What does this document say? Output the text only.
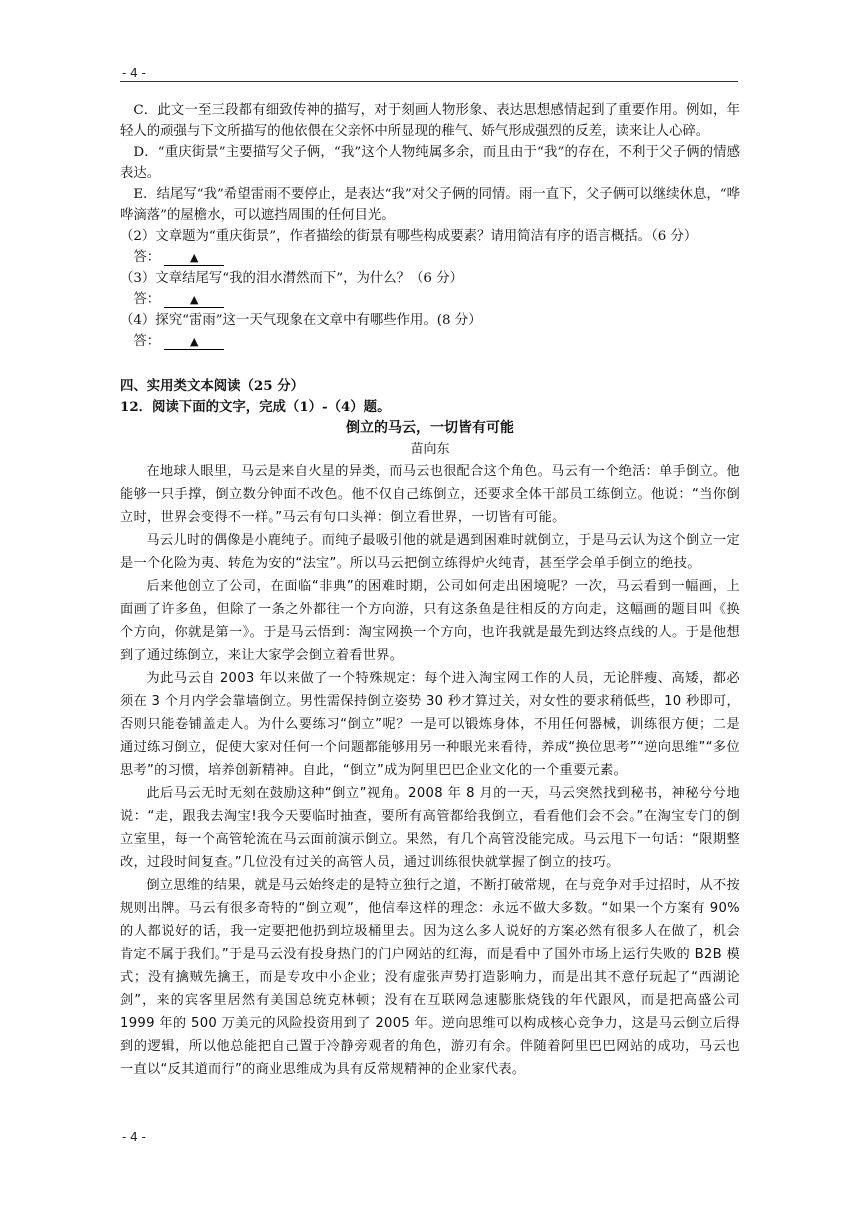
- 4 -

C．此文一至三段都有细致传神的描写，对于刻画人物形象、表达思想感情起到了重要作用。例如，年轻人的顽强与下文所描写的他依偎在父亲怀中所显现的稚气、娇气形成强烈的反差，读来让人心碎。

D．“重庆街景”主要描写父子俩，“我”这个人物纯属多余，而且由于“我”的存在，不利于父子俩的情感表达。

E．结尾写“我”希望雷雨不要停止，是表达“我”对父子俩的同情。雨一直下，父子俩可以继续休息，“哗哗滴落”的屋檐水，可以遮挡周围的任何目光。

（2）文章题为“重庆街景”，作者描绘的街景有哪些构成要素？请用简洁有序的语言概括。（6 分）

答：	▲

（3）文章结尾写“我的泪水潸然而下”，为什么？（6 分）

答：	▲

（4）探究“雷雨”这一天气现象在文章中有哪些作用。(8 分）

答：	▲

四、实用类文本阅读（25 分）

12．阅读下面的文字，完成（1）-（4）题。

倒立的马云，一切皆有可能

苗向东

在地球人眼里，马云是来自火星的异类，而马云也很配合这个角色。马云有一个绝活：单手倒立。他能够一只手撑，倒立数分钟面不改色。他不仅自己练倒立，还要求全体干部员工练倒立。他说：“当你倒立时，世界会变得不一样。”马云有句口头禅：倒立看世界，一切皆有可能。

马云儿时的偶像是小鹿纯子。而纯子最吸引他的就是遇到困难时就倒立，于是马云认为这个倒立一定是一个化险为夷、转危为安的“法宝”。所以马云把倒立练得炉火纯青，甚至学会单手倒立的绝技。

后来他创立了公司，在面临“非典”的困难时期，公司如何走出困境呢？一次，马云看到一幅画，上面画了许多鱼，但除了一条之外都往一个方向游，只有这条鱼是往相反的方向走，这幅画的题目叫《换个方向，你就是第一》。于是马云悟到：淘宝网换一个方向，也许我就是最先到达终点线的人。于是他想到了通过练倒立，来让大家学会倒立着看世界。

为此马云自 2003 年以来做了一个特殊规定：每个进入淘宝网工作的人员，无论胖瘦、高矮，都必须在 3 个月内学会靠墙倒立。男性需保持倒立姿势 30 秒才算过关，对女性的要求稍低些，10 秒即可，否则只能卷铺盖走人。为什么要练习“倒立”呢？一是可以锻炼身体，不用任何器械，训练很方便；二是通过练习倒立，促使大家对任何一个问题都能够用另一种眼光来看待，养成“换位思考”“逆向思维”“多位思考”的习惯，培养创新精神。自此，“倒立”成为阿里巴巴企业文化的一个重要元素。

此后马云无时无刻在鼓励这种“倒立”视角。2008 年 8 月的一天，马云突然找到秘书，神秘兮兮地说：“走，跟我去淘宝!我今天要临时抽查，要所有高管都给我倒立，看看他们会不会。”在淘宝专门的倒立室里，每一个高管轮流在马云面前演示倒立。果然，有几个高管没能完成。马云甩下一句话：“限期整改，过段时间复查。”几位没有过关的高管人员，通过训练很快就掌握了倒立的技巧。

倒立思维的结果，就是马云始终走的是特立独行之道，不断打破常规，在与竞争对手过招时，从不按规则出牌。马云有很多奇特的“倒立观”，他信奉这样的理念：永远不做大多数。“如果一个方案有 90%的人都说好的话，我一定要把他扔到垃圾桶里去。因为这么多人说好的方案必然有很多人在做了，机会肯定不属于我们。”于是马云没有投身热门的门户网站的红海，而是看中了国外市场上运行失败的 B2B 模式；没有擒贼先擒王，而是专攻中小企业；没有虚张声势打造影响力，而是出其不意仔玩起了“西湖论剑”，来的宾客里居然有美国总统克林顿；没有在互联网急速膨胀烧钱的年代跟风，而是把高盛公司 1999 年的 500 万美元的风险投资用到了 2005 年。逆向思维可以构成核心竞争力，这是马云倒立后得到的逻辑，所以他总能把自己置于冷静旁观者的角色，游刃有余。伴随着阿里巴巴网站的成功，马云也一直以“反其道而行”的商业思维成为具有反常规精神的企业家代表。

- 4 -
